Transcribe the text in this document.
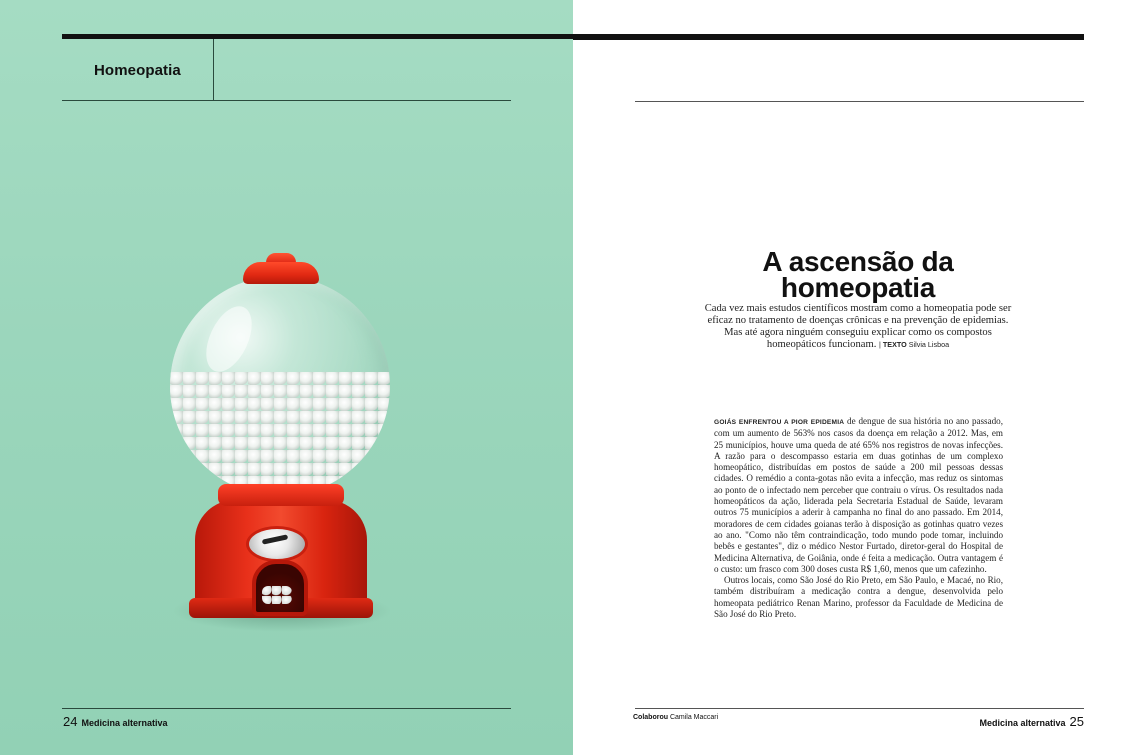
Homeopatia
24 Medicina alternativa
A ascensão da
homeopatia
Cada vez mais estudos científicos mostram como a homeopatia pode ser eficaz no tratamento de doenças crônicas e na prevenção de epidemias. Mas até agora ninguém conseguiu explicar como os compostos homeopáticos funcionam. | TEXTO Silvia Lisboa

GOIÁS ENFRENTOU A PIOR EPIDEMIA de dengue de sua história no ano passado, com um aumento de 563% nos casos da doença em relação a 2012. Mas, em 25 municípios, houve uma queda de até 65% nos registros de novas infecções. A razão para o descompasso estaria em duas gotinhas de um complexo homeopático, distribuídas em postos de saúde a 200 mil pessoas dessas cidades. O remédio a conta-gotas não evita a infecção, mas reduz os sintomas ao ponto de o infectado nem perceber que contraiu o vírus. Os resultados nada homeopáticos da ação, liderada pela Secretaria Estadual de Saúde, levaram outros 75 municípios a aderir à campanha no final do ano passado. Em 2014, moradores de cem cidades goianas terão à disposição as gotinhas quatro vezes ao ano. "Como não têm contraindicação, todo mundo pode tomar, incluindo bebês e gestantes", diz o médico Nestor Furtado, diretor-geral do Hospital de Medicina Alternativa, de Goiânia, onde é feita a medicação. Outra vantagem é o custo: um frasco com 300 doses custa R$ 1,60, menos que um cafezinho.

Outros locais, como São José do Rio Preto, em São Paulo, e Macaé, no Rio, também distribuíram a medicação contra a dengue, desenvolvida pelo homeopata pediátrico Renan Marino, professor da Faculdade de Medicina de São José do Rio Preto.

Colaborou Camila Maccari
Medicina alternativa 25
